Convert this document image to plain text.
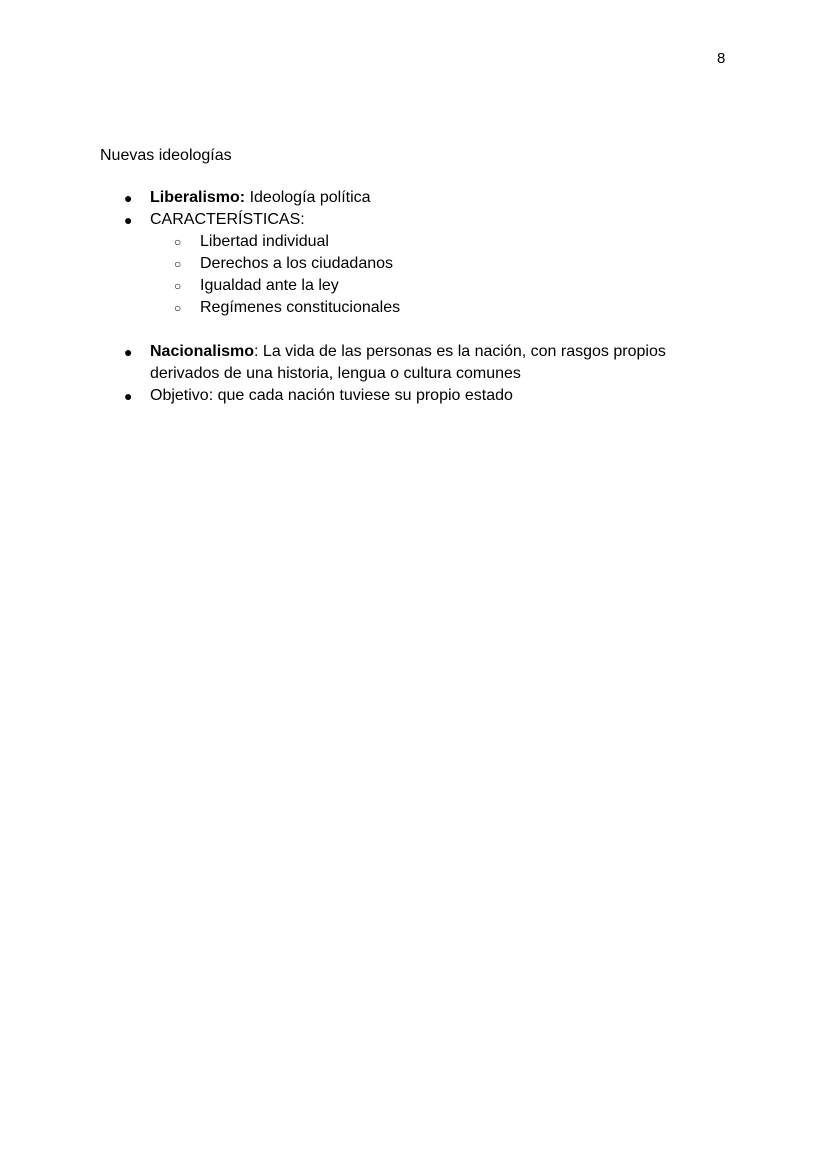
8
Nuevas ideologías
● Liberalismo: Ideología política
● CARACTERÍSTICAS:
○ Libertad individual
○ Derechos a los ciudadanos
○ Igualdad ante la ley
○ Regímenes constitucionales
● Nacionalismo: La vida de las personas es la nación, con rasgos propios
derivados de una historia, lengua o cultura comunes
● Objetivo: que cada nación tuviese su propio estado
